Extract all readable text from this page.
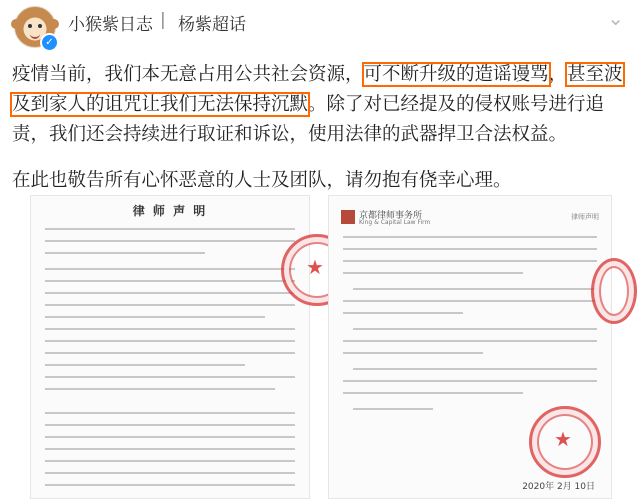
✓
小猴紫日志 | 杨紫超话	⌄

疫情当前，我们本无意占用公共社会资源，可不断升级的造谣谩骂，甚至波及到家人的诅咒让我们无法保持沉默。除了对已经提及的侵权账号进行追责，我们还会持续进行取证和诉讼，使用法律的武器捍卫合法权益。

在此也敬告所有心怀恶意的人士及团队，请勿抱有侥幸心理。

律 师 声 明
★
京都律师事务所
King & Capital Law Firm
律师声明
★
2020年 2月 10日
